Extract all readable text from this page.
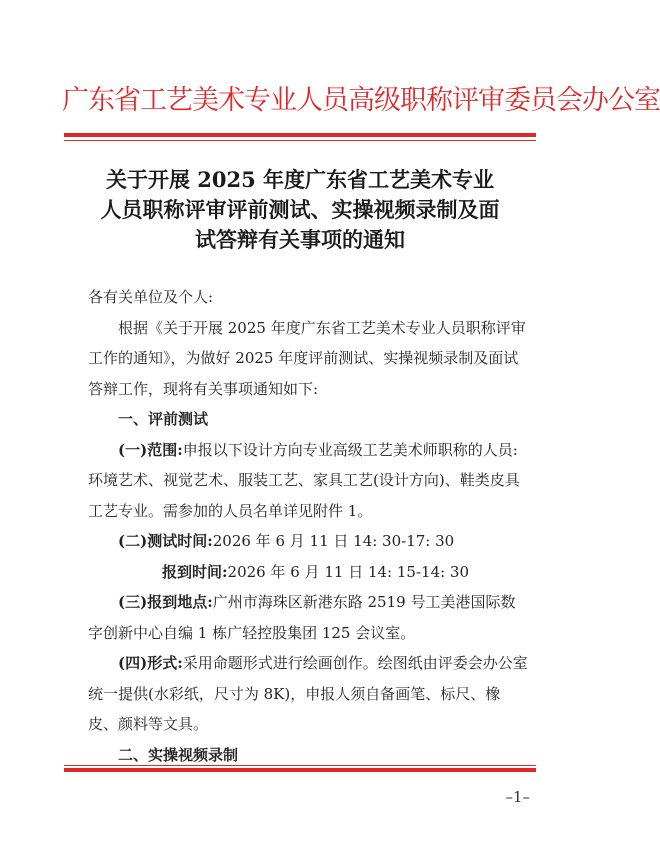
广东省工艺美术专业人员高级职称评审委员会办公室
关于开展 2025 年度广东省工艺美术专业
人员职称评审评前测试、实操视频录制及面
试答辩有关事项的通知

各有关单位及个人:

根据《关于开展 2025 年度广东省工艺美术专业人员职称评审工作的通知》，为做好 2025 年度评前测试、实操视频录制及面试答辩工作，现将有关事项通知如下:

一、评前测试

(一)范围:申报以下设计方向专业高级工艺美术师职称的人员: 环境艺术、视觉艺术、服装工艺、家具工艺(设计方向)、鞋类皮具工艺专业。需参加的人员名单详见附件 1。

(二)测试时间:2026 年 6 月 11 日 14: 30-17: 30

报到时间:2026 年 6 月 11 日 14: 15-14: 30

(三)报到地点:广州市海珠区新港东路 2519 号工美港国际数字创新中心自编 1 栋广轻控股集团 125 会议室。

(四)形式:采用命题形式进行绘画创作。绘图纸由评委会办公室统一提供(水彩纸，尺寸为 8K)，申报人须自备画笔、标尺、橡皮、颜料等文具。

二、实操视频录制

–1–
